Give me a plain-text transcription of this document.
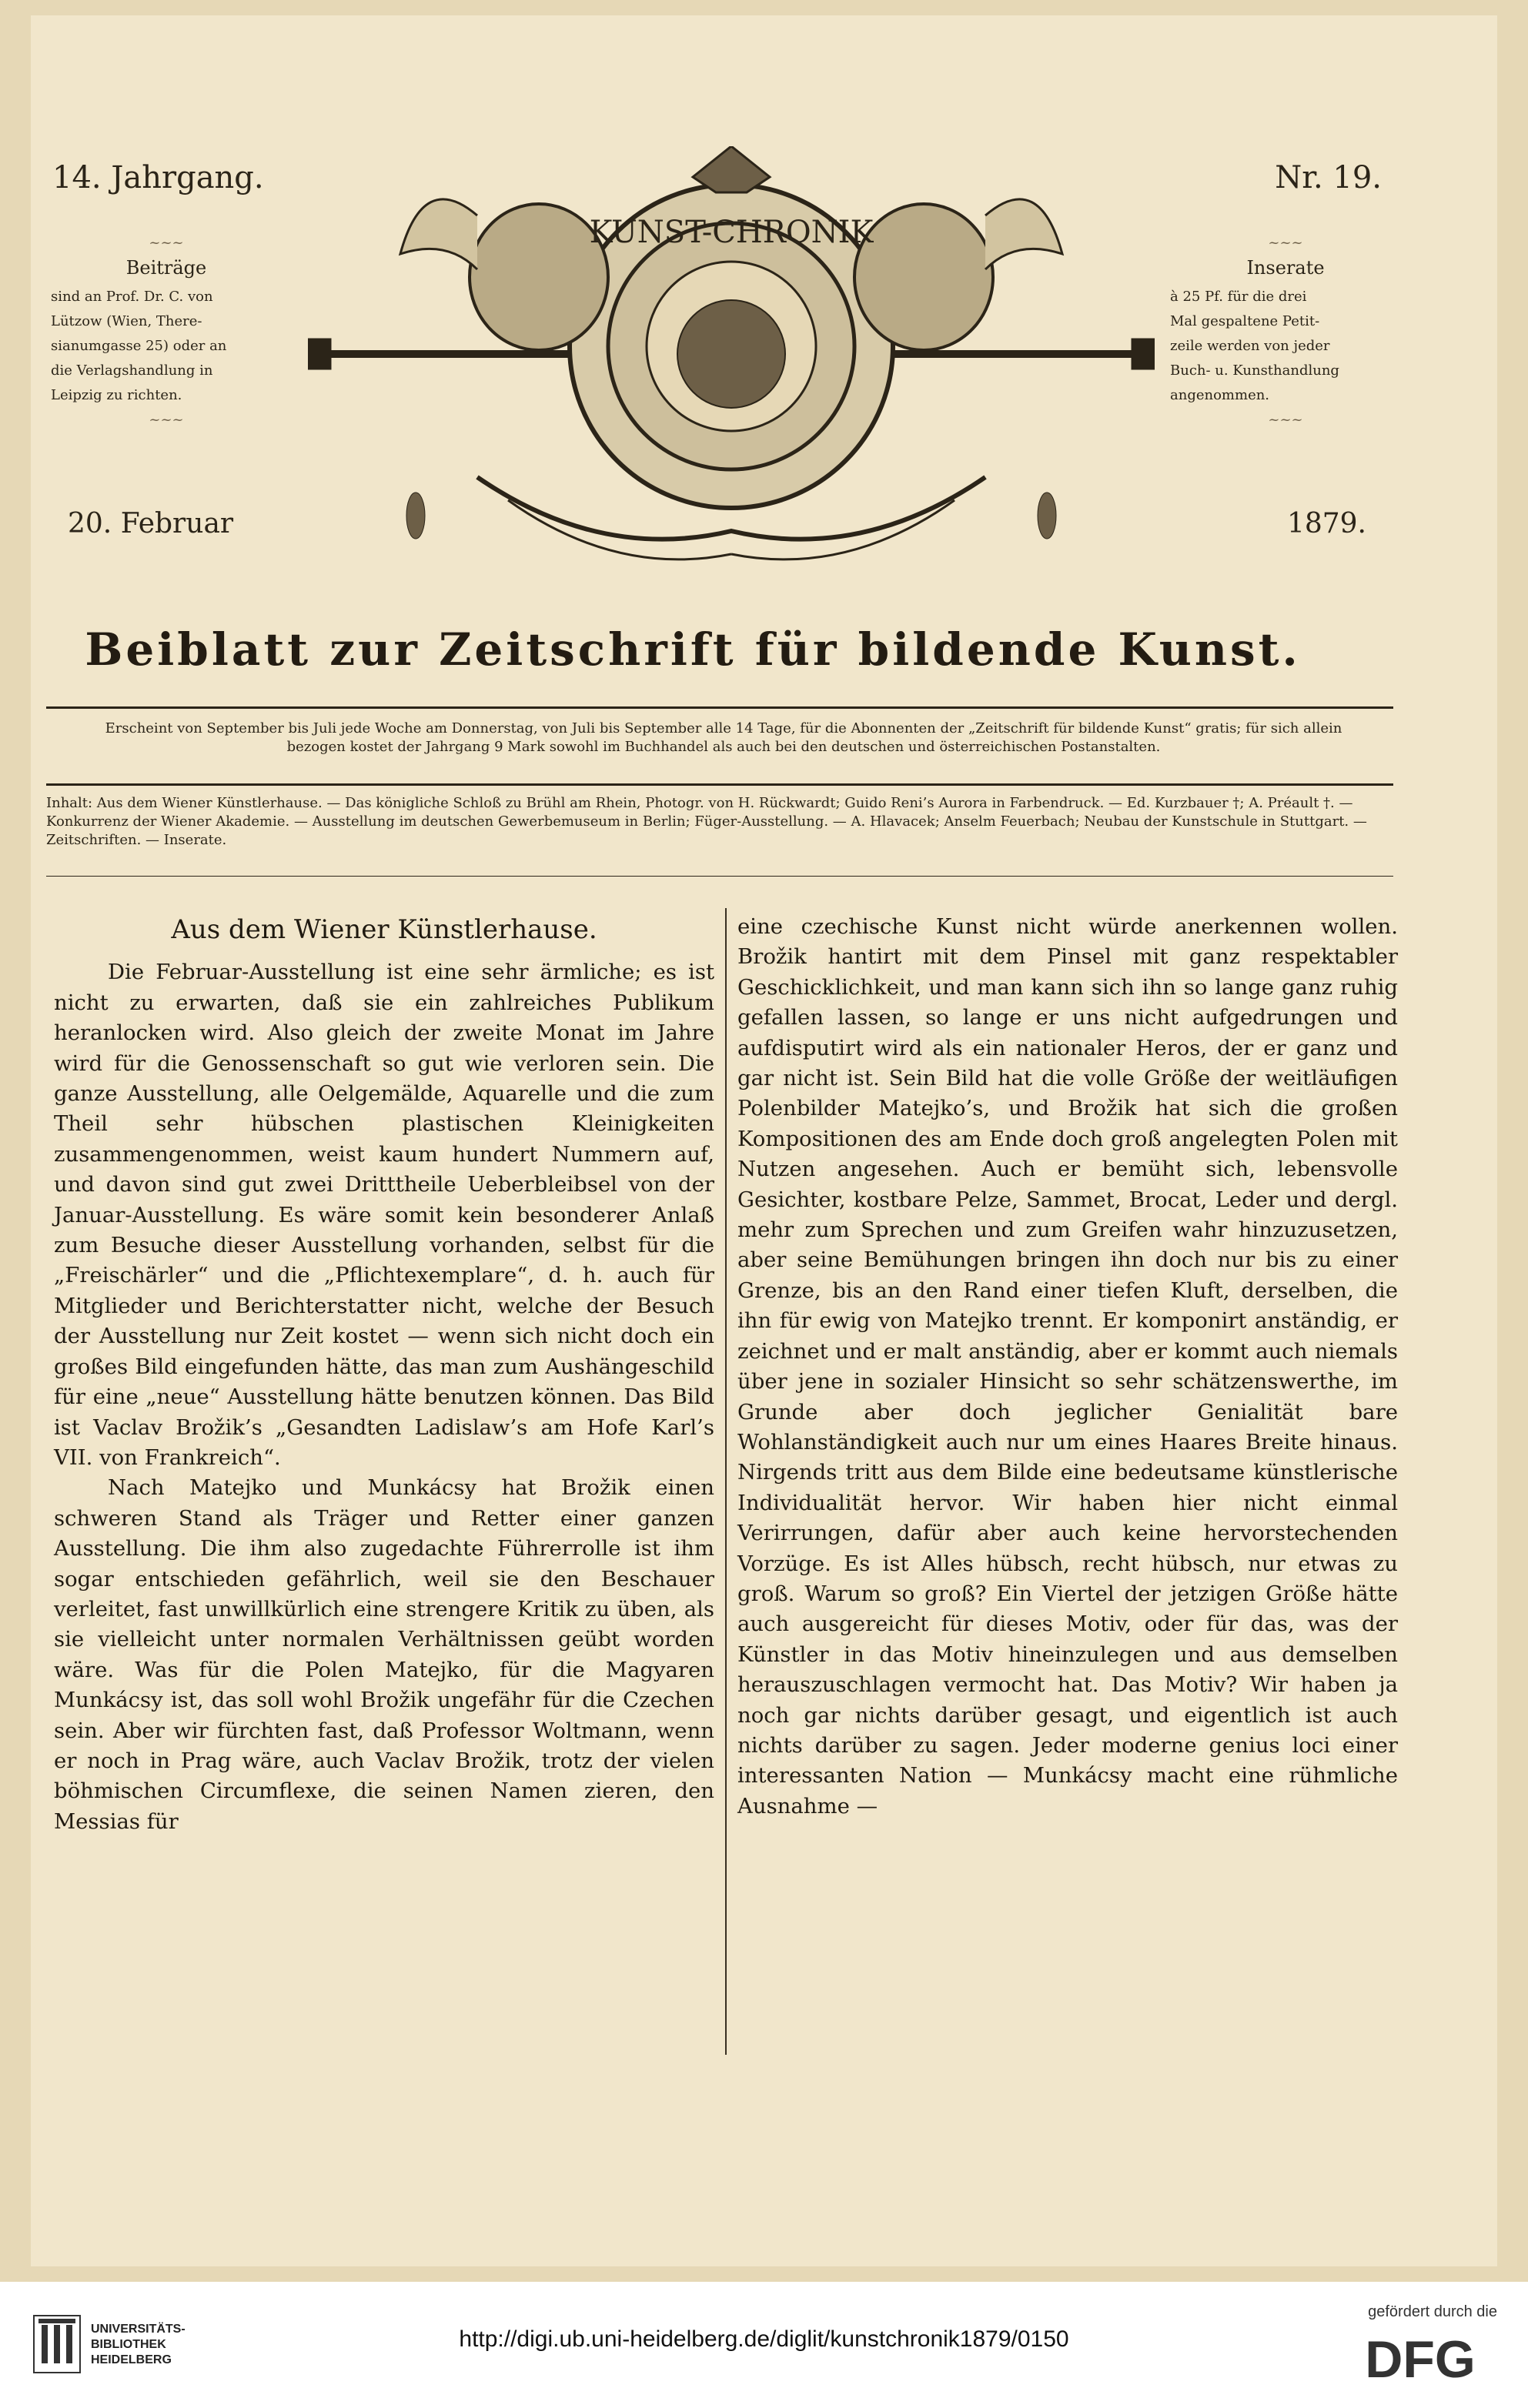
14. Jahrgang.	Nr. 19.
20. Februar	1879.
~~~
Beiträge
sind an Prof. Dr. C. von
Lützow (Wien, There-
sianumgasse 25) oder an
die Verlagshandlung in
Leipzig zu richten.
~~~
~~~
Inserate
à 25 Pf. für die drei
Mal gespaltene Petit-
zeile werden von jeder
Buch- u. Kunsthandlung
angenommen.
~~~
KUNST-CHRONIK
Beiblatt zur Zeitschrift für bildende Kunst.
Erscheint von September bis Juli jede Woche am Donnerstag, von Juli bis September alle 14 Tage, für die Abonnenten der „Zeitschrift für bildende Kunst“ gratis; für sich allein bezogen kostet der Jahrgang 9 Mark sowohl im Buchhandel als auch bei den deutschen und österreichischen Postanstalten.
Inhalt: Aus dem Wiener Künstlerhause. — Das königliche Schloß zu Brühl am Rhein, Photogr. von H. Rückwardt; Guido Reni’s Aurora in Farbendruck. — Ed. Kurzbauer †; A. Préault †. — Konkurrenz der Wiener Akademie. — Ausstellung im deutschen Gewerbemuseum in Berlin; Füger-Ausstellung. — A. Hlavacek; Anselm Feuerbach; Neubau der Kunstschule in Stuttgart. — Zeitschriften. — Inserate.
Aus dem Wiener Künstlerhause.

Die Februar-Ausstellung ist eine sehr ärmliche; es ist nicht zu erwarten, daß sie ein zahlreiches Publikum heranlocken wird. Also gleich der zweite Monat im Jahre wird für die Genossenschaft so gut wie verloren sein. Die ganze Ausstellung, alle Oelgemälde, Aquarelle und die zum Theil sehr hübschen plastischen Kleinigkeiten zusammengenommen, weist kaum hundert Nummern auf, und davon sind gut zwei Dritttheile Ueberbleibsel von der Januar-Ausstellung. Es wäre somit kein besonderer Anlaß zum Besuche dieser Ausstellung vorhanden, selbst für die „Freischärler“ und die „Pflichtexemplare“, d. h. auch für Mitglieder und Berichterstatter nicht, welche der Besuch der Ausstellung nur Zeit kostet — wenn sich nicht doch ein großes Bild eingefunden hätte, das man zum Aushängeschild für eine „neue“ Ausstellung hätte benutzen können. Das Bild ist Vaclav Brožik’s „Gesandten Ladislaw’s am Hofe Karl’s VII. von Frankreich“.

Nach Matejko und Munkácsy hat Brožik einen schweren Stand als Träger und Retter einer ganzen Ausstellung. Die ihm also zugedachte Führerrolle ist ihm sogar entschieden gefährlich, weil sie den Beschauer verleitet, fast unwillkürlich eine strengere Kritik zu üben, als sie vielleicht unter normalen Verhältnissen geübt worden wäre. Was für die Polen Matejko, für die Magyaren Munkácsy ist, das soll wohl Brožik ungefähr für die Czechen sein. Aber wir fürchten fast, daß Professor Woltmann, wenn er noch in Prag wäre, auch Vaclav Brožik, trotz der vielen böhmischen Circumflexe, die seinen Namen zieren, den Messias für

eine czechische Kunst nicht würde anerkennen wollen. Brožik hantirt mit dem Pinsel mit ganz respektabler Geschicklichkeit, und man kann sich ihn so lange ganz ruhig gefallen lassen, so lange er uns nicht aufgedrungen und aufdisputirt wird als ein nationaler Heros, der er ganz und gar nicht ist. Sein Bild hat die volle Größe der weitläufigen Polenbilder Matejko’s, und Brožik hat sich die großen Kompositionen des am Ende doch groß angelegten Polen mit Nutzen angesehen. Auch er bemüht sich, lebensvolle Gesichter, kostbare Pelze, Sammet, Brocat, Leder und dergl. mehr zum Sprechen und zum Greifen wahr hinzuzusetzen, aber seine Bemühungen bringen ihn doch nur bis zu einer Grenze, bis an den Rand einer tiefen Kluft, derselben, die ihn für ewig von Matejko trennt. Er komponirt anständig, er zeichnet und er malt anständig, aber er kommt auch niemals über jene in sozialer Hinsicht so sehr schätzenswerthe, im Grunde aber doch jeglicher Genialität bare Wohlanständigkeit auch nur um eines Haares Breite hinaus. Nirgends tritt aus dem Bilde eine bedeutsame künstlerische Individualität hervor. Wir haben hier nicht einmal Verirrungen, dafür aber auch keine hervorstechenden Vorzüge. Es ist Alles hübsch, recht hübsch, nur etwas zu groß. Warum so groß? Ein Viertel der jetzigen Größe hätte auch ausgereicht für dieses Motiv, oder für das, was der Künstler in das Motiv hineinzulegen und aus demselben herauszuschlagen vermocht hat. Das Motiv? Wir haben ja noch gar nichts darüber gesagt, und eigentlich ist auch nichts darüber zu sagen. Jeder moderne genius loci einer interessanten Nation — Munkácsy macht eine rühmliche Ausnahme —

UNIVERSITÄTS-
BIBLIOTHEK
HEIDELBERG
http://digi.ub.uni-heidelberg.de/diglit/kunstchronik1879/0150
gefördert durch die
DFG
